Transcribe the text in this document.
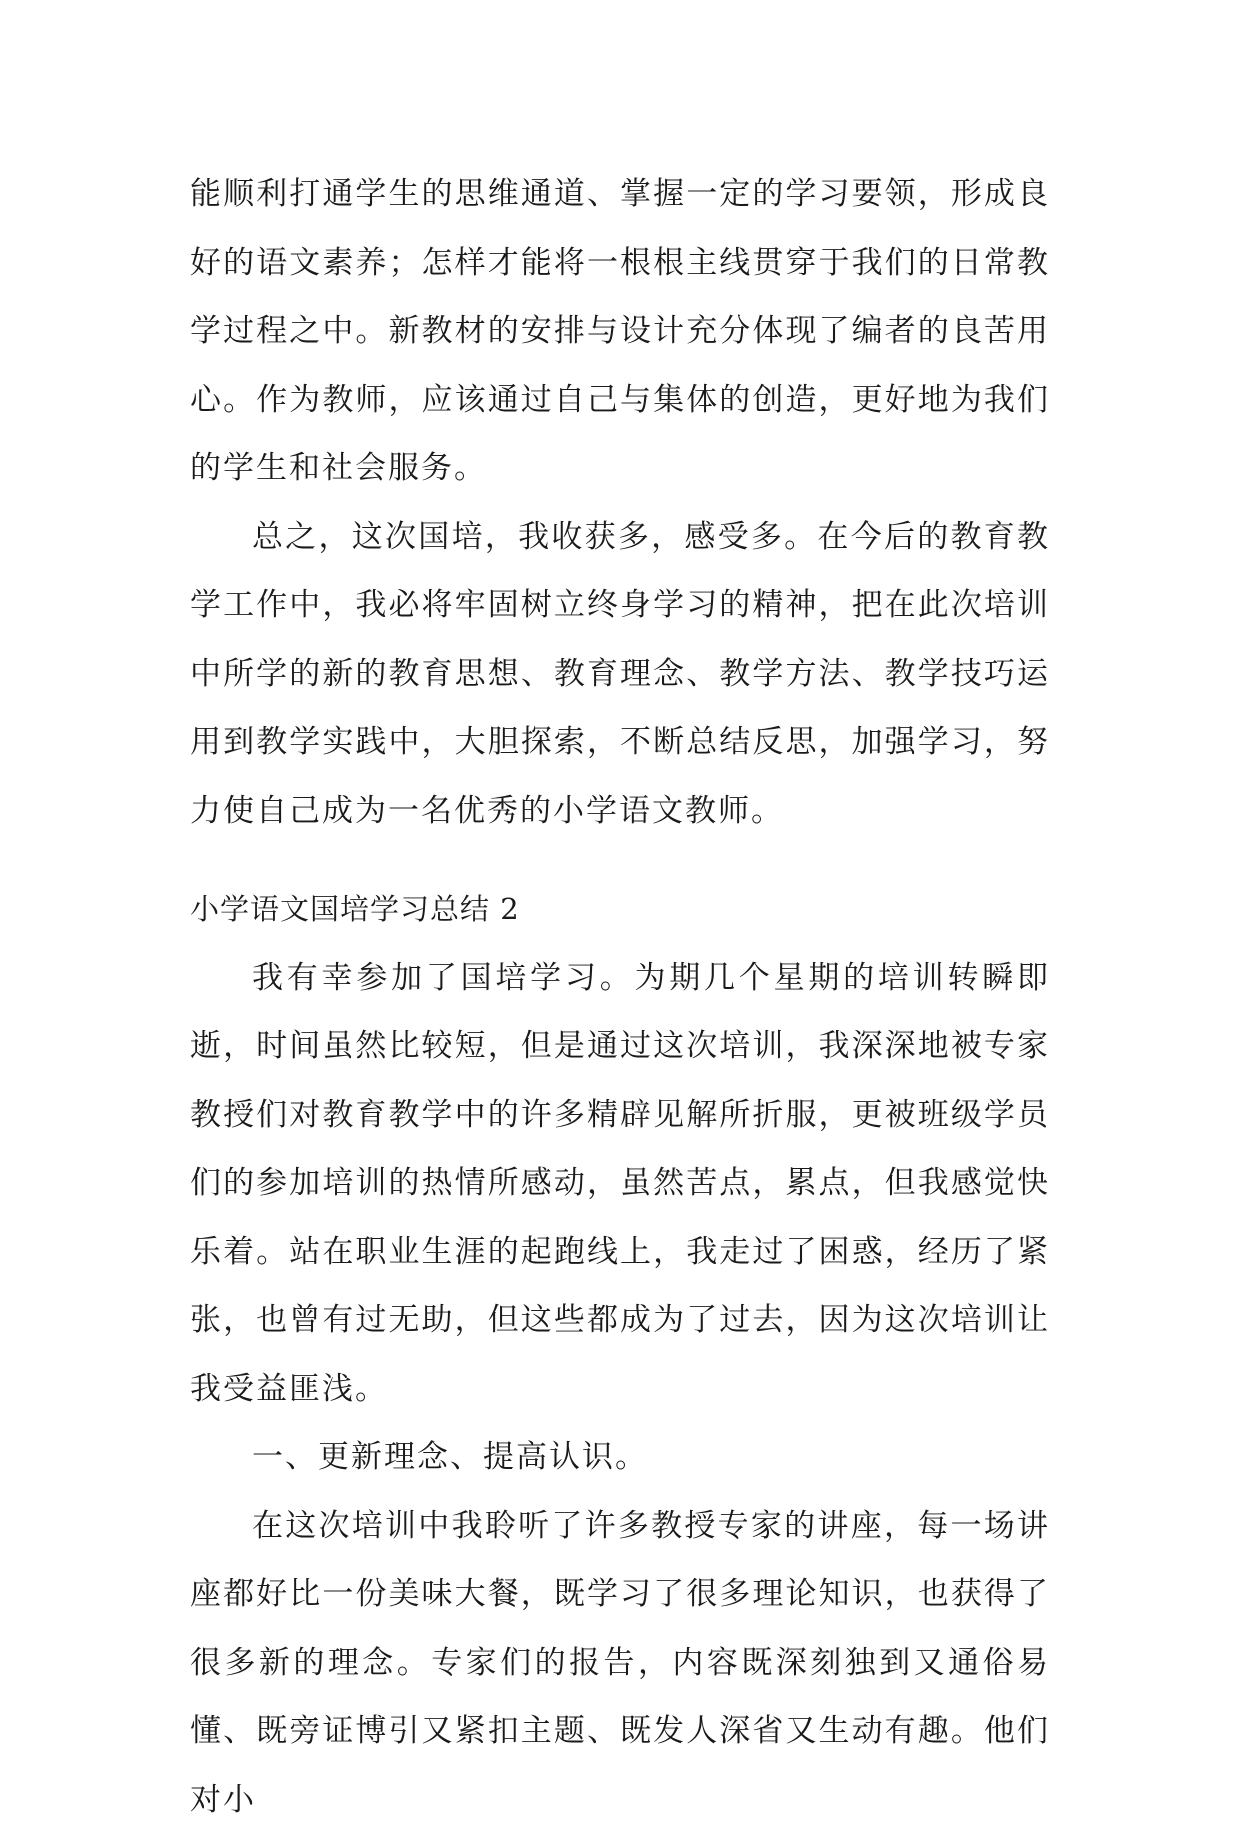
能顺利打通学生的思维通道、掌握一定的学习要领，形成良好的语文素养；怎样才能将一根根主线贯穿于我们的日常教学过程之中。新教材的安排与设计充分体现了编者的良苦用心。作为教师，应该通过自己与集体的创造，更好地为我们的学生和社会服务。

总之，这次国培，我收获多，感受多。在今后的教育教学工作中，我必将牢固树立终身学习的精神，把在此次培训中所学的新的教育思想、教育理念、教学方法、教学技巧运用到教学实践中，大胆探索，不断总结反思，加强学习，努力使自己成为一名优秀的小学语文教师。

小学语文国培学习总结 2

我有幸参加了国培学习。为期几个星期的培训转瞬即逝，时间虽然比较短，但是通过这次培训，我深深地被专家教授们对教育教学中的许多精辟见解所折服，更被班级学员们的参加培训的热情所感动，虽然苦点，累点，但我感觉快乐着。站在职业生涯的起跑线上，我走过了困惑，经历了紧张，也曾有过无助，但这些都成为了过去，因为这次培训让我受益匪浅。

一、更新理念、提高认识。

在这次培训中我聆听了许多教授专家的讲座，每一场讲座都好比一份美味大餐，既学习了很多理论知识，也获得了很多新的理念。专家们的报告，内容既深刻独到又通俗易懂、既旁证博引又紧扣主题、既发人深省又生动有趣。他们对小
